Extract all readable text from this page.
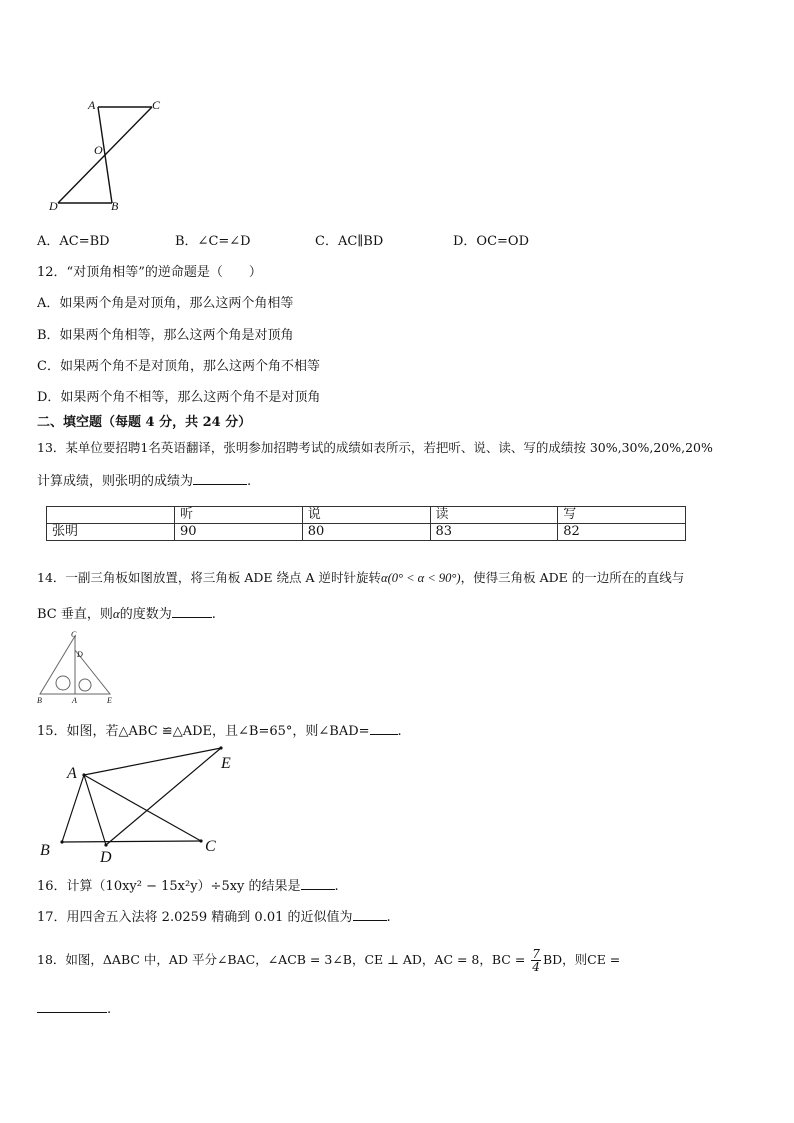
A	C
O
D	B
A．AC=BD	B．∠C=∠D	C．AC∥BD	D．OC=OD
12．“对顶角相等”的逆命题是（　　）
A．如果两个角是对顶角，那么这两个角相等
B．如果两个角相等，那么这两个角是对顶角
C．如果两个角不是对顶角，那么这两个角不相等
D．如果两个角不相等，那么这两个角不是对顶角
二、填空题（每题 4 分，共 24 分）
13．某单位要招聘1名英语翻译，张明参加招聘考试的成绩如表所示，若把听、说、读、写的成绩按 30%,30%,20%,20%
计算成绩，则张明的成绩为	.
	听	说	读	写
张明	90	80	83	82
14．一副三角板如图放置，将三角板 ADE 绕点 A 逆时针旋转α(0° < α < 90°)，使得三角板 ADE 的一边所在的直线与
BC 垂直，则α的度数为	.
C
D
B	A	E
15．如图，若△ABC ≌△ADE，且∠B=65°，则∠BAD= .
A
E
B	D
C
16．计算（10xy² − 15x²y）÷5xy 的结果是	.
17．用四舍五入法将 2.0259 精确到 0.01 的近似值为	.
18．如图，ΔABC 中，AD 平分∠BAC，∠ACB = 3∠B，CE ⊥ AD，AC = 8，BC = $\frac{7}{4}$ BD，则CE =
.
